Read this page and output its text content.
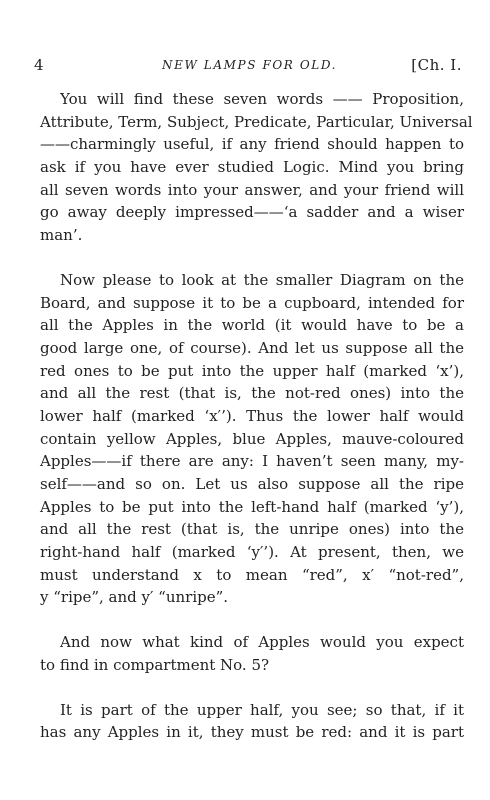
4	NEW LAMPS FOR OLD.	[Ch. I.
You will find these seven words —— Proposition,
Attribute, Term, Subject, Predicate, Particular, Universal
——charmingly useful, if any friend should happen to
ask if you have ever studied Logic. Mind you bring
all seven words into your answer, and your friend will
go away deeply impressed——‘a sadder and a wiser
man’.
Now please to look at the smaller Diagram on the
Board, and suppose it to be a cupboard, intended for
all the Apples in the world (it would have to be a
good large one, of course). And let us suppose all the
red ones to be put into the upper half (marked ‘x’),
and all the rest (that is, the not-red ones) into the
lower half (marked ‘x′’). Thus the lower half would
contain yellow Apples, blue Apples, mauve-coloured
Apples——if there are any: I haven’t seen many, my-
self——and so on. Let us also suppose all the ripe
Apples to be put into the left-hand half (marked ‘y’),
and all the rest (that is, the unripe ones) into the
right-hand half (marked ‘y′’). At present, then, we
must understand x to mean “red”, x′ “not-red”,
y “ripe”, and y′ “unripe”.
And now what kind of Apples would you expect
to find in compartment No. 5?
It is part of the upper half, you see; so that, if it
has any Apples in it, they must be red: and it is part
